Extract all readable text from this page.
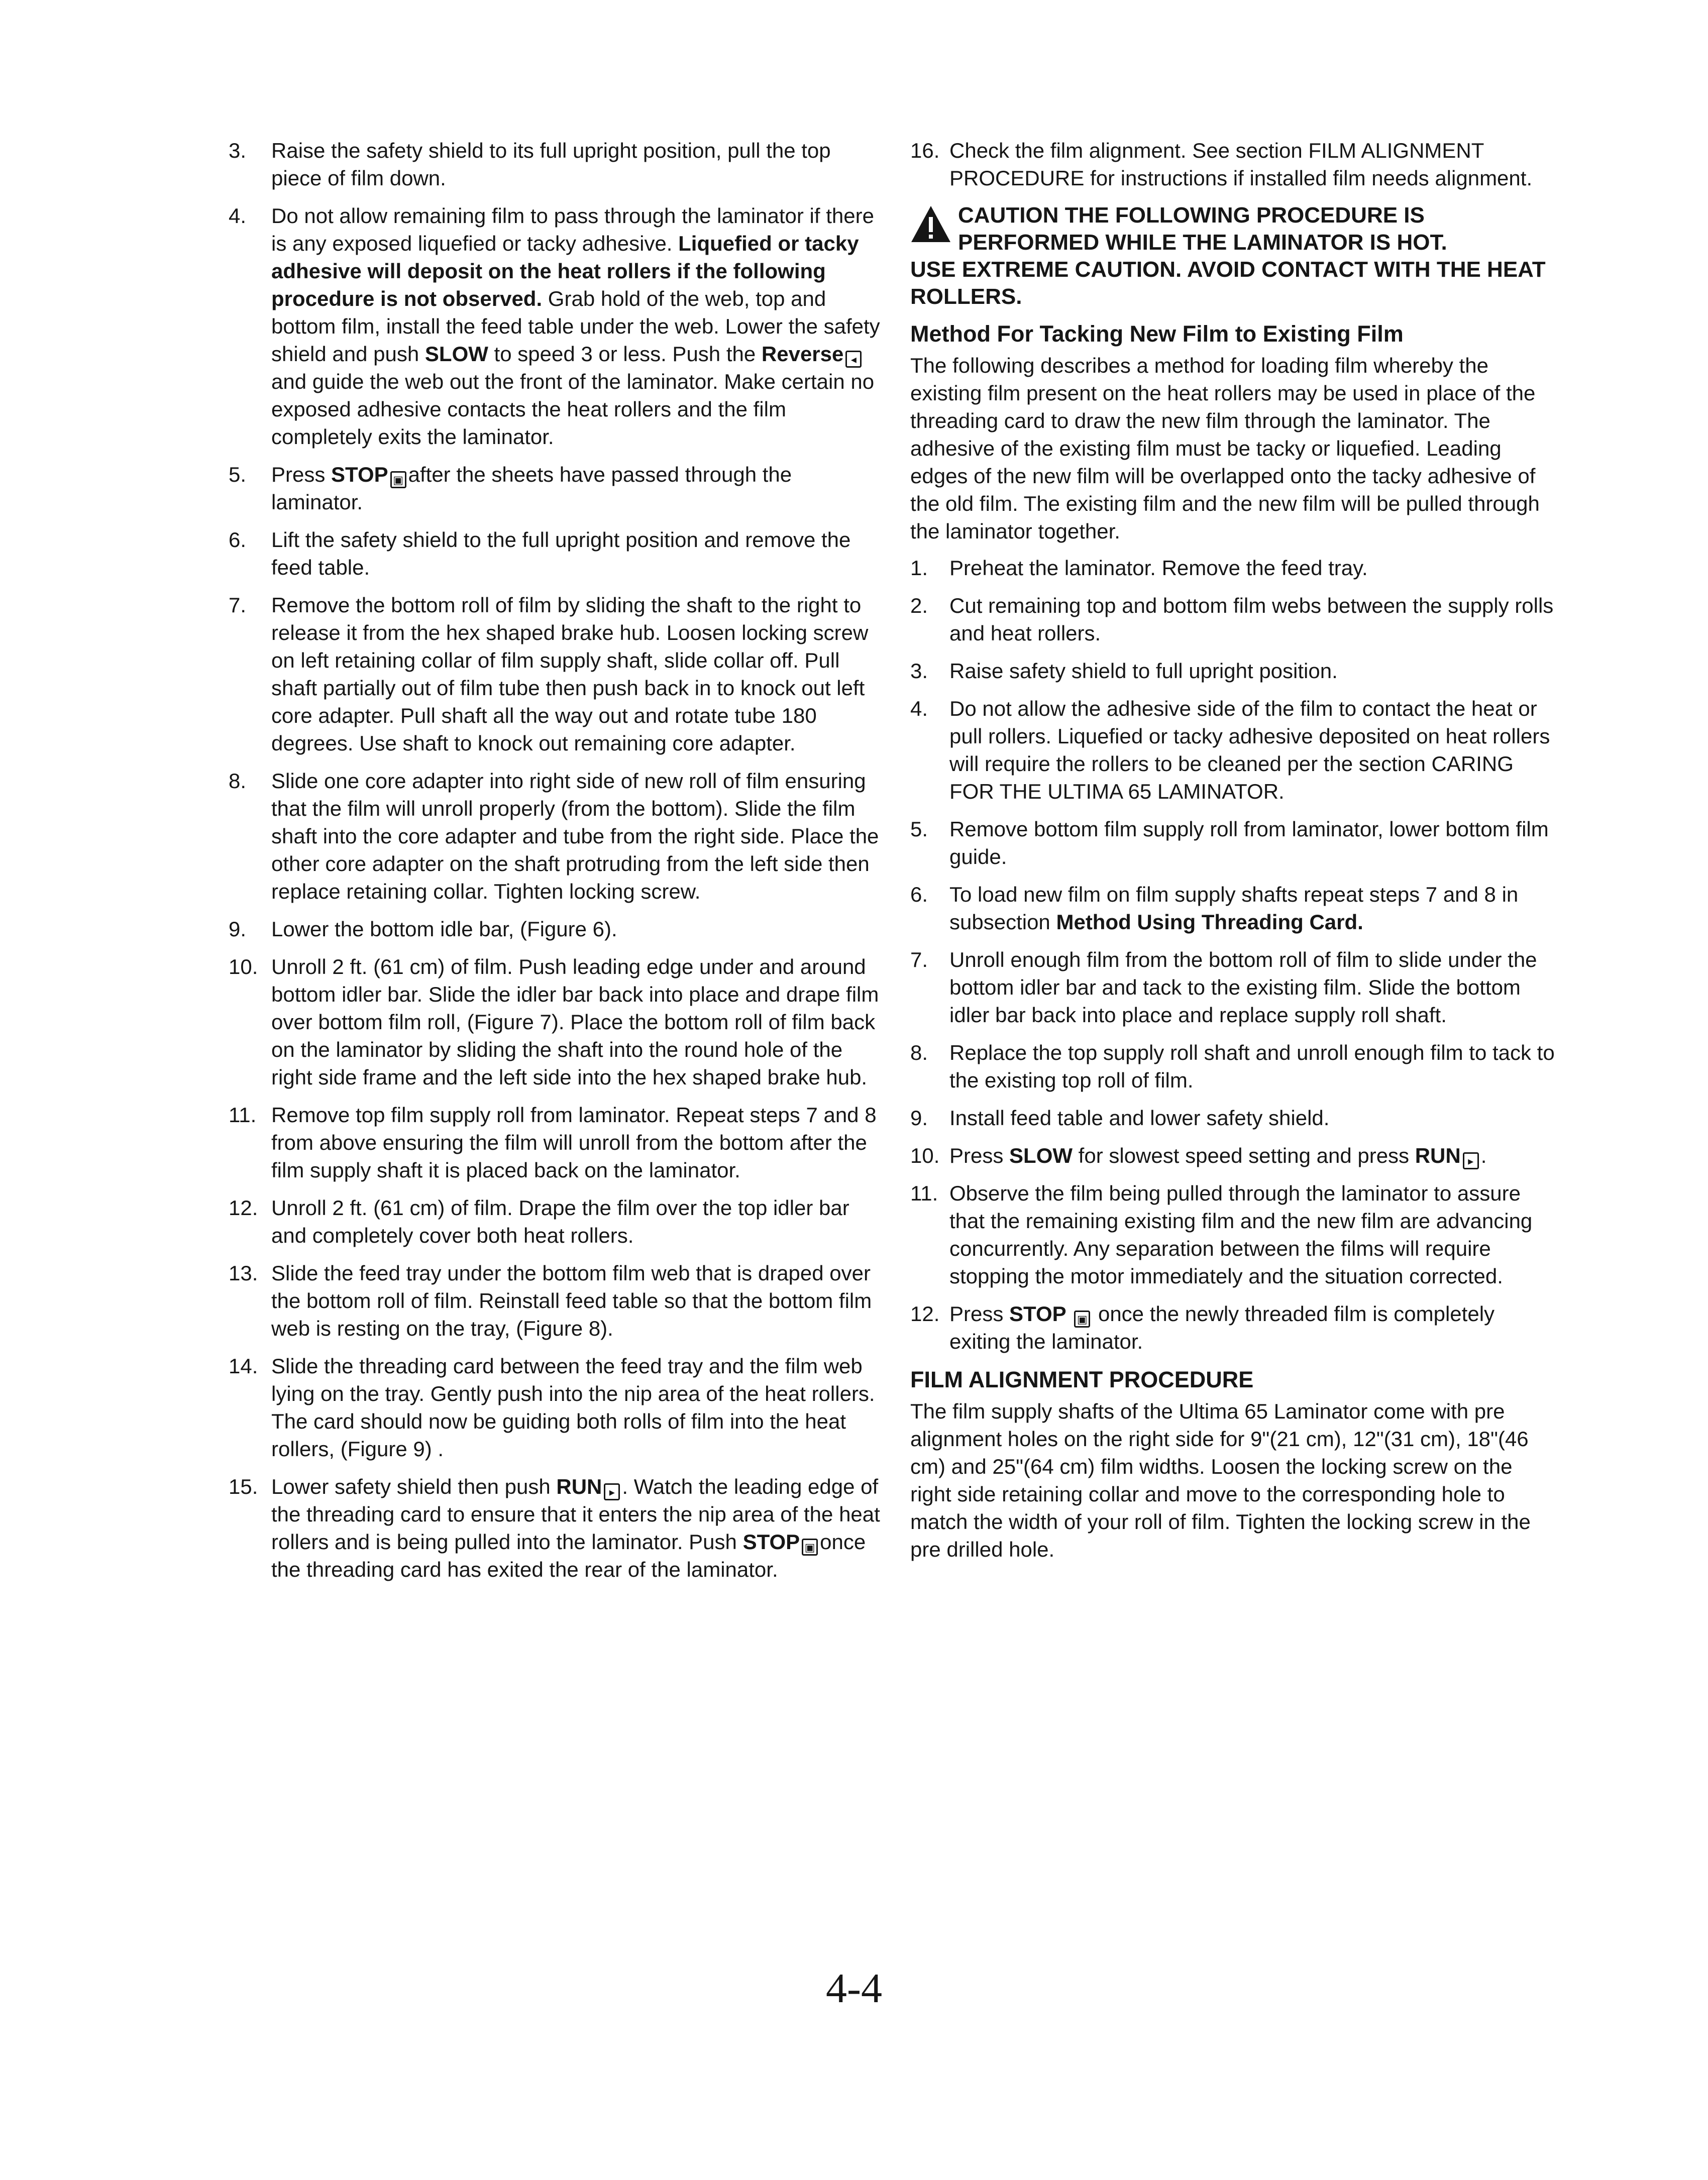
3. Raise the safety shield to its full upright position, pull the top piece of film down.
4. Do not allow remaining film to pass through the laminator if there is any exposed liquefied or tacky adhesive. Liquefied or tacky adhesive will deposit on the heat rollers if the following procedure is not observed. Grab hold of the web, top and bottom film, install the feed table under the web. Lower the safety shield and push SLOW to speed 3 or less. Push the Reverse ◂and guide the web out the front of the laminator. Make certain no exposed adhesive contacts the heat rollers and the film completely exits the laminator.
5. Press STOP ▣ after the sheets have passed through the laminator.
6. Lift the safety shield to the full upright position and remove the feed table.
7. Remove the bottom roll of film by sliding the shaft to the right to release it from the hex shaped brake hub. Loosen locking screw on left retaining collar of film supply shaft, slide collar off. Pull shaft partially out of film tube then push back in to knock out left core adapter. Pull shaft all the way out and rotate tube 180 degrees. Use shaft to knock out remaining core adapter.
8. Slide one core adapter into right side of new roll of film ensuring that the film will unroll properly (from the bottom). Slide the film shaft into the core adapter and tube from the right side. Place the other core adapter on the shaft protruding from the left side then replace retaining collar. Tighten locking screw.
9. Lower the bottom idle bar, (Figure 6).
10. Unroll 2 ft. (61 cm) of film. Push leading edge under and around bottom idler bar. Slide the idler bar back into place and drape film over bottom film roll, (Figure 7). Place the bottom roll of film back on the laminator by sliding the shaft into the round hole of the right side frame and the left side into the hex shaped brake hub.
11. Remove top film supply roll from laminator. Repeat steps 7 and 8 from above ensuring the film will unroll from the bottom after the film supply shaft it is placed back on the laminator.
12. Unroll 2 ft. (61 cm) of film. Drape the film over the top idler bar and completely cover both heat rollers.
13. Slide the feed tray under the bottom film web that is draped over the bottom roll of film. Reinstall feed table so that the bottom film web is resting on the tray, (Figure 8).
14. Slide the threading card between the feed tray and the film web lying on the tray. Gently push into the nip area of the heat rollers. The card should now be guiding both rolls of film into the heat rollers, (Figure 9) .
15. Lower safety shield then push RUN ▸ . Watch the leading edge of the threading card to ensure that it enters the nip area of the heat rollers and is being pulled into the laminator. Push STOP ▣ once the threading card has exited the rear of the laminator.
16. Check the film alignment. See section FILM ALIGNMENT PROCEDURE for instructions if installed film needs alignment.
CAUTION THE FOLLOWING PROCEDURE IS
PERFORMED WHILE THE LAMINATOR IS HOT.
USE EXTREME CAUTION. AVOID CONTACT WITH THE HEAT ROLLERS.
Method For Tacking New Film to Existing Film
The following describes a method for loading film whereby the existing film present on the heat rollers may be used in place of the threading card to draw the new film through the laminator. The adhesive of the existing film must be tacky or liquefied. Leading edges of the new film will be overlapped onto the tacky adhesive of the old film. The existing film and the new film will be pulled through the laminator together.
1. Preheat the laminator. Remove the feed tray.
2. Cut remaining top and bottom film webs between the supply rolls and heat rollers.
3. Raise safety shield to full upright position.
4. Do not allow the adhesive side of the film to contact the heat or pull rollers. Liquefied or tacky adhesive deposited on heat rollers will require the rollers to be cleaned per the section CARING FOR THE ULTIMA 65 LAMINATOR.
5. Remove bottom film supply roll from laminator, lower bottom film guide.
6. To load new film on film supply shafts repeat steps 7 and 8 in subsection Method Using Threading Card.
7. Unroll enough film from the bottom roll of film to slide under the bottom idler bar and tack to the existing film. Slide the bottom idler bar back into place and replace supply roll shaft.
8. Replace the top supply roll shaft and unroll enough film to tack to the existing top roll of film.
9. Install feed table and lower safety shield.
10. Press SLOW for slowest speed setting and press RUN ▸ .
11. Observe the film being pulled through the laminator to assure that the remaining existing film and the new film are advancing concurrently. Any separation between the films will require stopping the motor immediately and the situation corrected.
12. Press STOP ▣ once the newly threaded film is completely exiting the laminator.
FILM ALIGNMENT PROCEDURE
The film supply shafts of the Ultima 65 Laminator come with pre alignment holes on the right side for 9"(21 cm), 12"(31 cm), 18"(46 cm) and 25"(64 cm) film widths. Loosen the locking screw on the right side retaining collar and move to the corresponding hole to match the width of your roll of film. Tighten the locking screw in the pre drilled hole.
4-4
